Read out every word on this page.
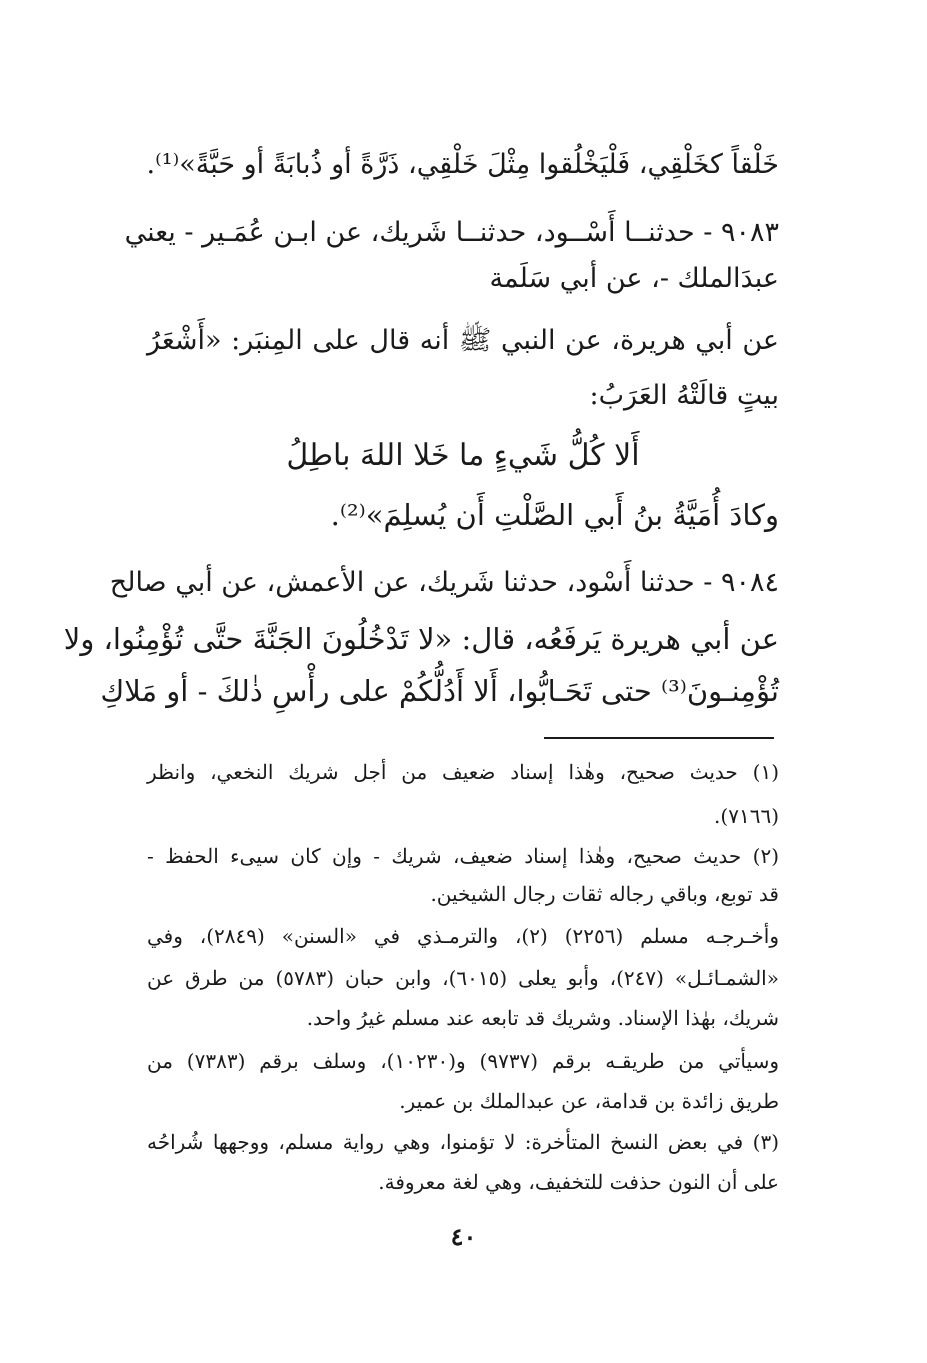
خَلْقاً كخَلْقِي، فَلْيَخْلُقوا مِثْلَ خَلْقِي، ذَرَّةً أو ذُبابَةً أو حَبَّةً»⁽¹⁾.
٩٠٨٣ - حدثنــا أَسْــود، حدثنــا شَريك، عن ابـن عُمَـير - يعني
عبدَالملك -، عن أبي سَلَمة
عن أبي هريرة، عن النبي ﷺ أنه قال على المِنبَر: «أَشْعَرُ
بيتٍ قالَتْهُ العَرَبُ:
أَلا كُلُّ شَيءٍ ما خَلا اللهَ باطِلُ
وكادَ أُمَيَّةُ بنُ أَبي الصَّلْتِ أَن يُسلِمَ»⁽²⁾.
٩٠٨٤ - حدثنا أَسْود، حدثنا شَريك، عن الأعمش، عن أبي صالح
عن أبي هريرة يَرفَعُه، قال: «لا تَدْخُلُونَ الجَنَّةَ حتَّى تُؤْمِنُوا، ولا
تُؤْمِنـونَ⁽³⁾ حتى تَحَـابُّوا، أَلا أَدُلُّكُمْ على رأْسِ ذٰلكَ - أو مَلاكِ
(١) حديث صحيح، وهٰذا إسناد ضعيف من أجل شريك النخعي، وانظر
(٧١٦٦).
(٢) حديث صحيح، وهٰذا إسناد ضعيف، شريك - وإن كان سيىء الحفظ -
قد توبع، وباقي رجاله ثقات رجال الشيخين.
وأخـرجـه مسلم (٢٢٥٦) (٢)، والترمـذي في «السنن» (٢٨٤٩)، وفي
«الشمـائـل» (٢٤٧)، وأبو يعلى (٦٠١٥)، وابن حبان (٥٧٨٣) من طرق عن
شريك، بهٰذا الإسناد. وشريك قد تابعه عند مسلم غيرُ واحد.
وسيأتي من طريقـه برقم (٩٧٣٧) و(١٠٢٣٠)، وسلف برقم (٧٣٨٣) من
طريق زائدة بن قدامة، عن عبدالملك بن عمير.
(٣) في بعض النسخ المتأخرة: لا تؤمنوا، وهي رواية مسلم، ووجهها شُراحُه
على أن النون حذفت للتخفيف، وهي لغة معروفة.
٤٠
